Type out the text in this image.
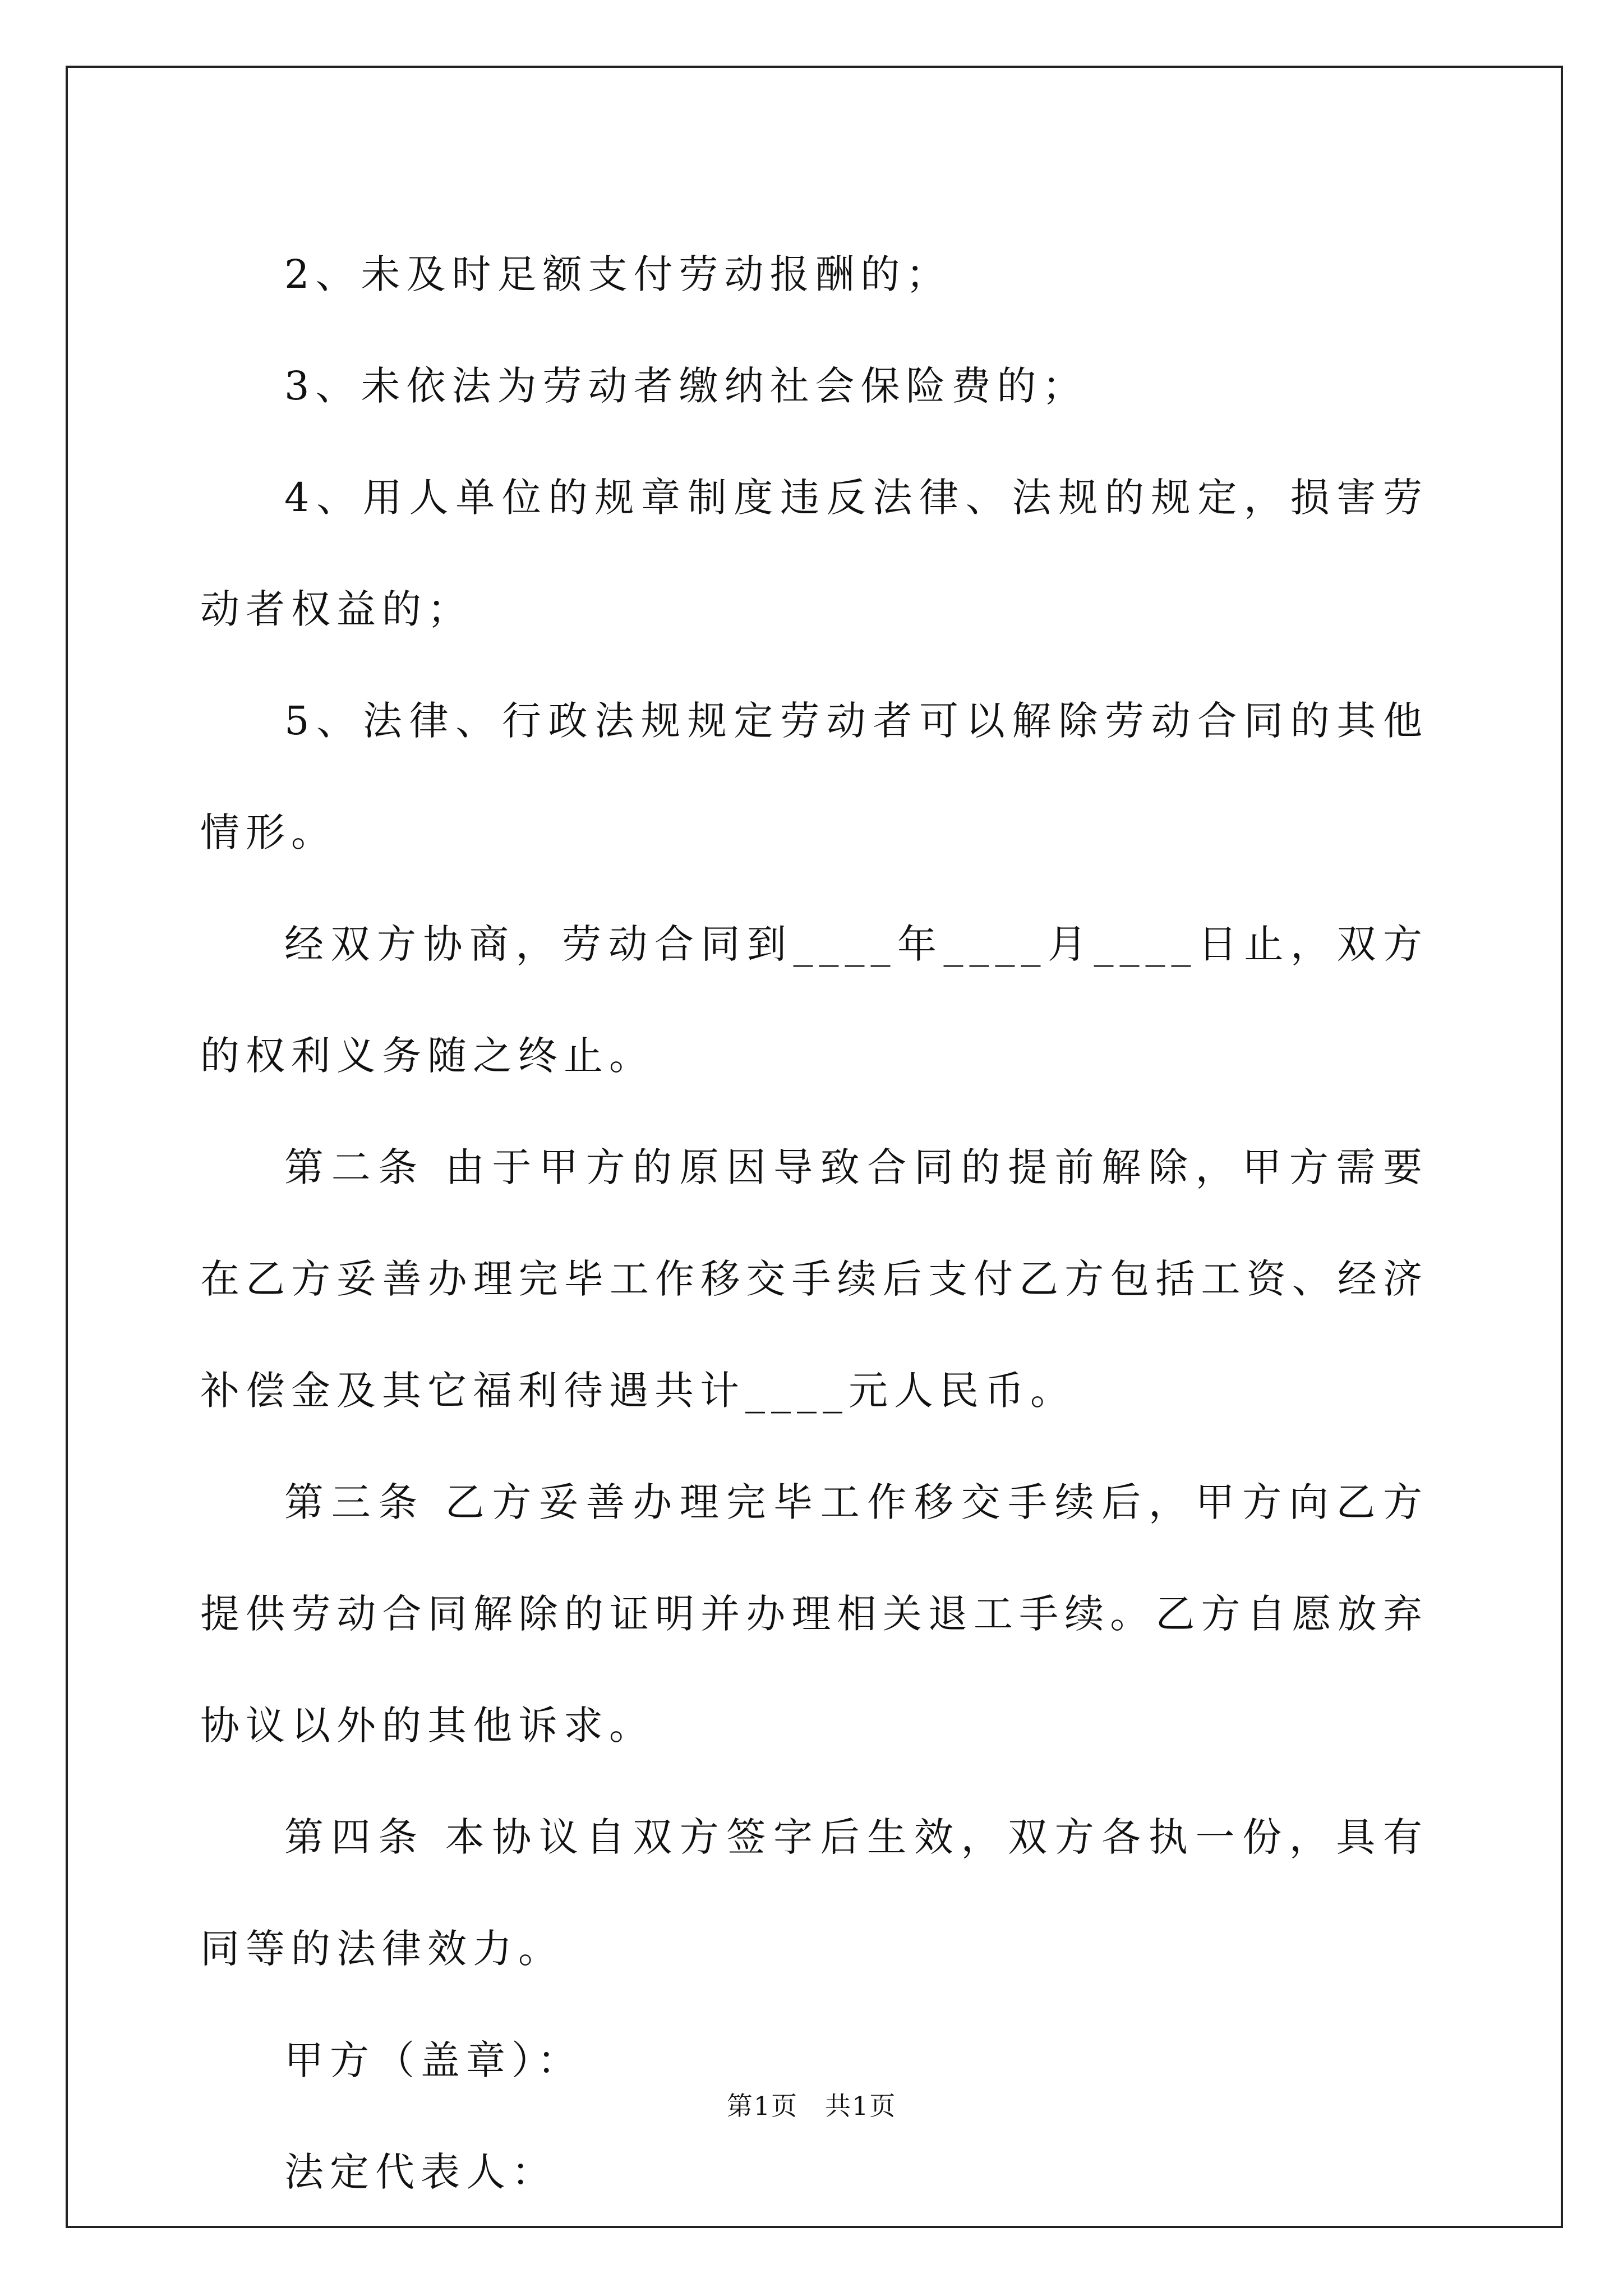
2、未及时足额支付劳动报酬的；

3、未依法为劳动者缴纳社会保险费的；

4、用人单位的规章制度违反法律、法规的规定，损害劳动者权益的；

5、法律、行政法规规定劳动者可以解除劳动合同的其他情形。

经双方协商，劳动合同到____年____月____日止，双方的权利义务随之终止。

第二条 由于甲方的原因导致合同的提前解除，甲方需要在乙方妥善办理完毕工作移交手续后支付乙方包括工资、经济补偿金及其它福利待遇共计____元人民币。

第三条 乙方妥善办理完毕工作移交手续后，甲方向乙方提供劳动合同解除的证明并办理相关退工手续。乙方自愿放弃协议以外的其他诉求。

第四条 本协议自双方签字后生效，双方各执一份，具有同等的法律效力。

甲方（盖章）：

法定代表人：

第1页　共1页
